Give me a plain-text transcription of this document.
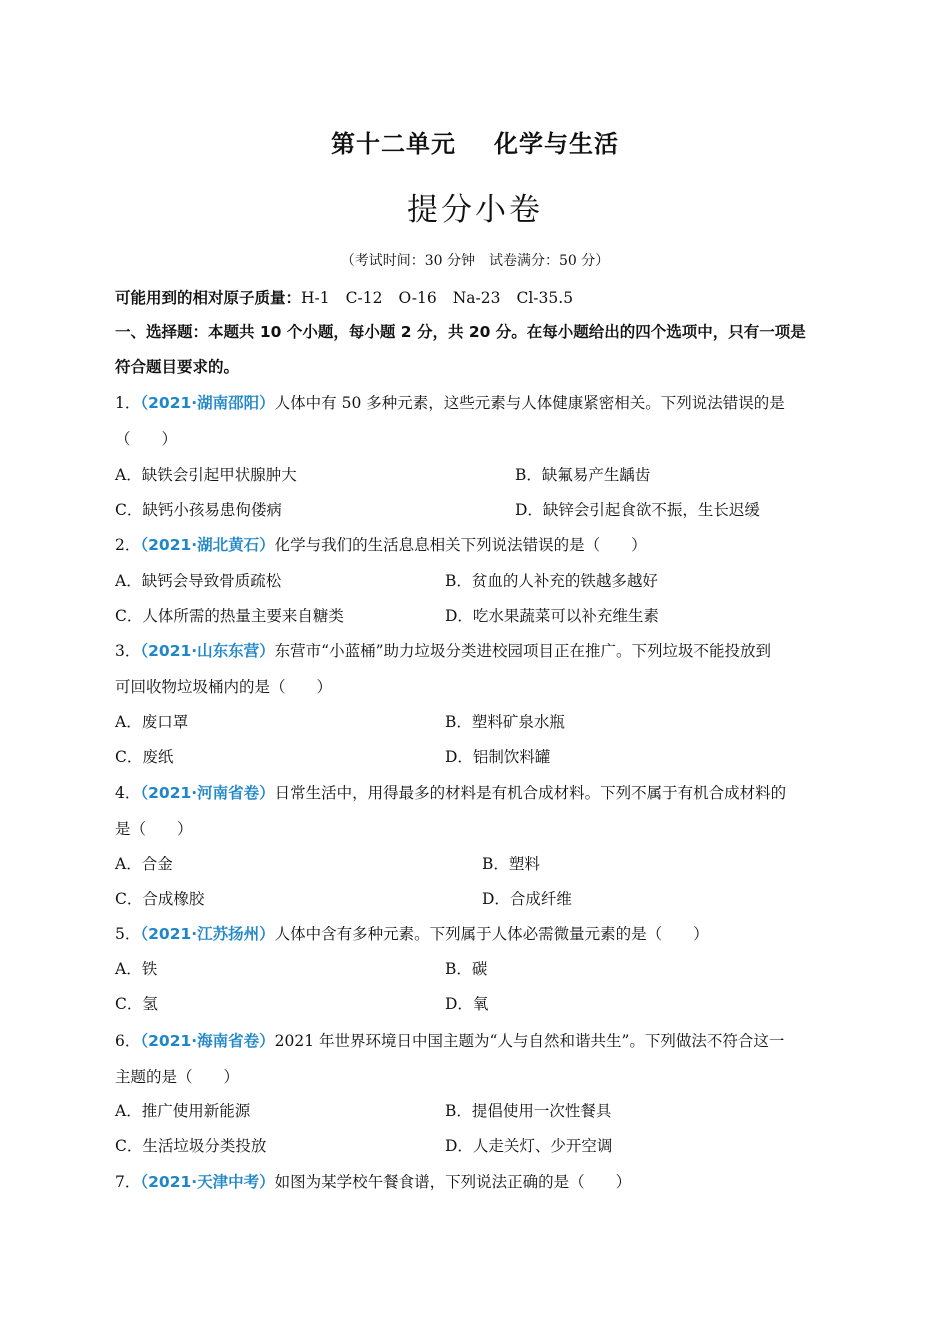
第十二单元 化学与生活
提分小卷
（考试时间：30 分钟　试卷满分：50 分）
可能用到的相对原子质量：H-1 C-12 O-16 Na-23 Cl-35.5
一、选择题：本题共 10 个小题，每小题 2 分，共 20 分。在每小题给出的四个选项中，只有一项是
符合题目要求的。
1．（2021·湖南邵阳）人体中有 50 多种元素，这些元素与人体健康紧密相关。下列说法错误的是
（　　）
A．缺铁会引起甲状腺肿大	B．缺氟易产生龋齿
C．缺钙小孩易患佝偻病	D．缺锌会引起食欲不振，生长迟缓
2．（2021·湖北黄石）化学与我们的生活息息相关下列说法错误的是（　　）
A．缺钙会导致骨质疏松	B．贫血的人补充的铁越多越好
C．人体所需的热量主要来自糖类	D．吃水果蔬菜可以补充维生素
3．（2021·山东东营）东营市“小蓝桶”助力垃圾分类进校园项目正在推广。下列垃圾不能投放到
可回收物垃圾桶内的是（　　）
A．废口罩	B．塑料矿泉水瓶
C．废纸	D．铝制饮料罐
4．（2021·河南省卷）日常生活中，用得最多的材料是有机合成材料。下列不属于有机合成材料的
是（　　）
A．合金	B．塑料
C．合成橡胶	D．合成纤维
5．（2021·江苏扬州）人体中含有多种元素。下列属于人体必需微量元素的是（　　）
A．铁	B．碳
C．氢	D．氧
6．（2021·海南省卷）2021 年世界环境日中国主题为“人与自然和谐共生”。下列做法不符合这一
主题的是（　　）
A．推广使用新能源	B．提倡使用一次性餐具
C．生活垃圾分类投放	D．人走关灯、少开空调
7．（2021·天津中考）如图为某学校午餐食谱，下列说法正确的是（　　）
